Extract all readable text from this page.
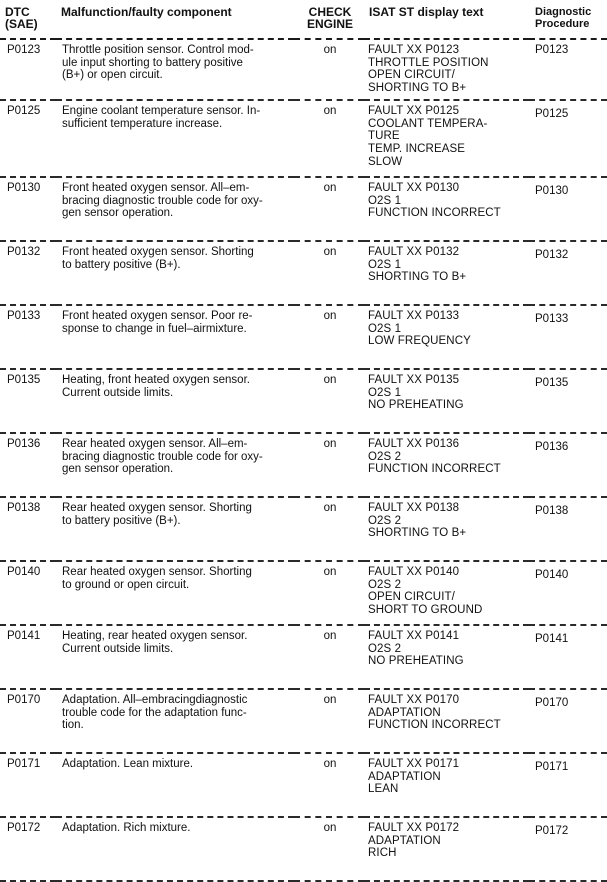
DTC
(SAE)	Malfunction/faulty component	CHECK
ENGINE	ISAT ST display text	Diagnostic
Procedure
P0123	Throttle position sensor. Control mod-
ule input shorting to battery positive
(B+) or open circuit.	on	FAULT XX P0123
THROTTLE POSITION
OPEN CIRCUIT/
SHORTING TO B+	P0123
P0125	Engine coolant temperature sensor. In-
sufficient temperature increase.	on	FAULT XX P0125
COOLANT TEMPERA-
TURE
TEMP. INCREASE
SLOW	P0125
P0130	Front heated oxygen sensor. All–em-
bracing diagnostic trouble code for oxy-
gen sensor operation.	on	FAULT XX P0130
O2S 1
FUNCTION INCORRECT	P0130
P0132	Front heated oxygen sensor. Shorting
to battery positive (B+).	on	FAULT XX P0132
O2S 1
SHORTING TO B+	P0132
P0133	Front heated oxygen sensor. Poor re-
sponse to change in fuel–airmixture.	on	FAULT XX P0133
O2S 1
LOW FREQUENCY	P0133
P0135	Heating, front heated oxygen sensor.
Current outside limits.	on	FAULT XX P0135
O2S 1
NO PREHEATING	P0135
P0136	Rear heated oxygen sensor. All–em-
bracing diagnostic trouble code for oxy-
gen sensor operation.	on	FAULT XX P0136
O2S 2
FUNCTION INCORRECT	P0136
P0138	Rear heated oxygen sensor. Shorting
to battery positive (B+).	on	FAULT XX P0138
O2S 2
SHORTING TO B+	P0138
P0140	Rear heated oxygen sensor. Shorting
to ground or open circuit.	on	FAULT XX P0140
O2S 2
OPEN CIRCUIT/
SHORT TO GROUND	P0140
P0141	Heating, rear heated oxygen sensor.
Current outside limits.	on	FAULT XX P0141
O2S 2
NO PREHEATING	P0141
P0170	Adaptation. All–embracingdiagnostic
trouble code for the adaptation func-
tion.	on	FAULT XX P0170
ADAPTATION
FUNCTION INCORRECT	P0170
P0171	Adaptation. Lean mixture.	on	FAULT XX P0171
ADAPTATION
LEAN	P0171
P0172	Adaptation. Rich mixture.	on	FAULT XX P0172
ADAPTATION
RICH	P0172
